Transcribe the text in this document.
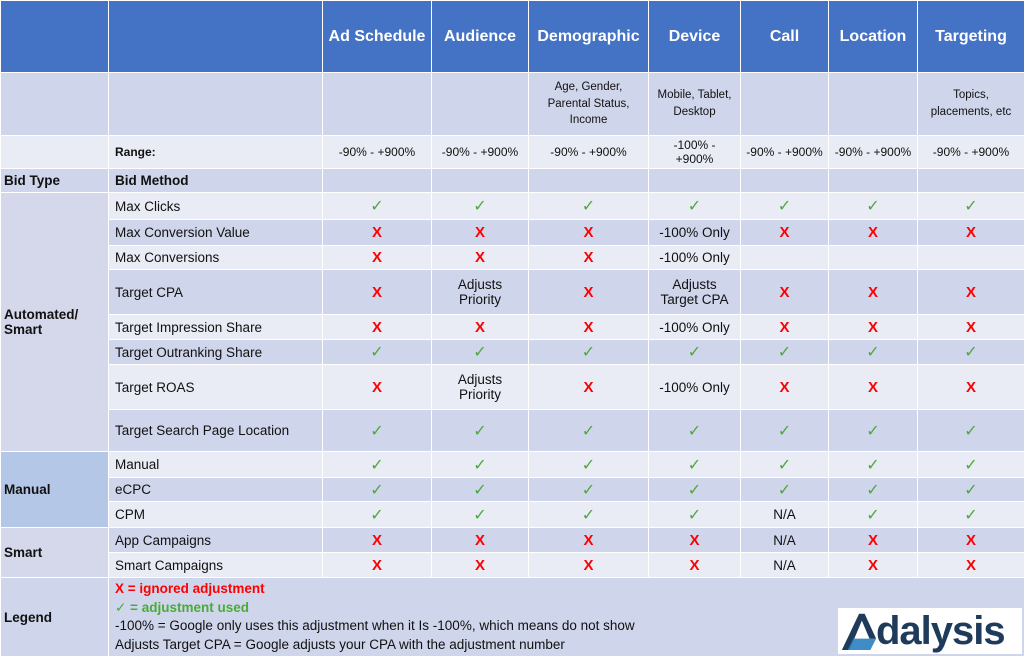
		Ad Schedule	Audience	Demographic	Device	Call	Location	Targeting
				Age, Gender, Parental Status, Income	Mobile, Tablet, Desktop			Topics, placements, etc
	Range:	-90% - +900%	-90% - +900%	-90% - +900%	-100% - +900%	-90% - +900%	-90% - +900%	-90% - +900%
Bid Type	Bid Method							
Automated/ Smart	Max Clicks	✓	✓	✓	✓	✓	✓	✓
	Max Conversion Value	X	X	X	-100% Only	X	X	X
	Max Conversions	X	X	X	-100% Only			
	Target CPA	X	Adjusts Priority	X	Adjusts Target CPA	X	X	X
	Target Impression Share	X	X	X	-100% Only	X	X	X
	Target Outranking Share	✓	✓	✓	✓	✓	✓	✓
	Target ROAS	X	Adjusts Priority	X	-100% Only	X	X	X
	Target Search Page Location	✓	✓	✓	✓	✓	✓	✓
Manual	Manual	✓	✓	✓	✓	✓	✓	✓
	eCPC	✓	✓	✓	✓	✓	✓	✓
	CPM	✓	✓	✓	✓	N/A	✓	✓
Smart	App Campaigns	X	X	X	X	N/A	X	X
	Smart Campaigns	X	X	X	X	N/A	X	X
Legend	X = ignored adjustment
✓ = adjustment used
-100% = Google only uses this adjustment when it Is -100%, which means do not show
Adjusts Target CPA = Google adjusts your CPA with the adjustment number								dalysis
